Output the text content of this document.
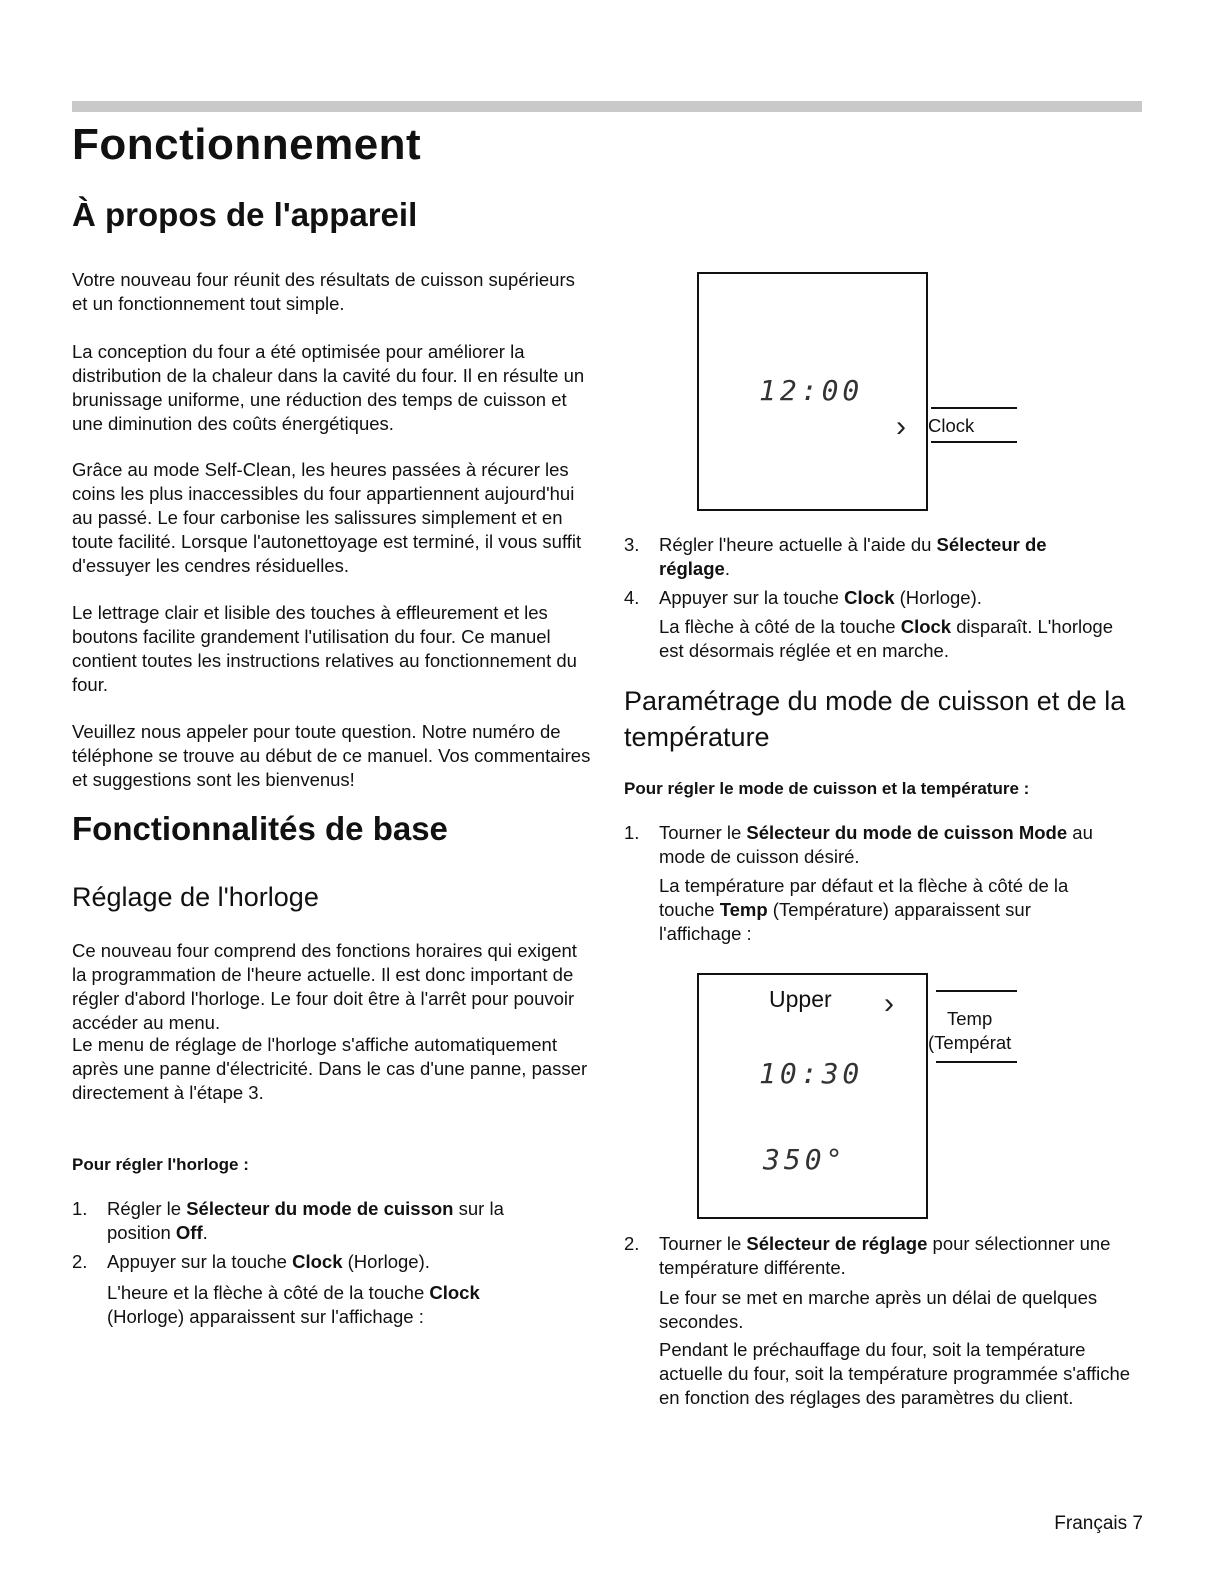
Fonctionnement
À propos de l'appareil

Votre nouveau four réunit des résultats de cuisson supérieurs et un fonctionnement tout simple.

La conception du four a été optimisée pour améliorer la distribution de la chaleur dans la cavité du four. Il en résulte un brunissage uniforme, une réduction des temps de cuisson et une diminution des coûts énergétiques.

Grâce au mode Self-Clean, les heures passées à récurer les coins les plus inaccessibles du four appartiennent aujourd'hui au passé. Le four carbonise les salissures simplement et en toute facilité. Lorsque l'autonettoyage est terminé, il vous suffit d'essuyer les cendres résiduelles.

Le lettrage clair et lisible des touches à effleurement et les boutons facilite grandement l'utilisation du four. Ce manuel contient toutes les instructions relatives au fonctionnement du four.

Veuillez nous appeler pour toute question. Notre numéro de téléphone se trouve au début de ce manuel. Vos commentaires et suggestions sont les bienvenus!

Fonctionnalités de base
Réglage de l'horloge

Ce nouveau four comprend des fonctions horaires qui exigent la programmation de l'heure actuelle. Il est donc important de régler d'abord l'horloge. Le four doit être à l'arrêt pour pouvoir accéder au menu.

Le menu de réglage de l'horloge s'affiche automatiquement après une panne d'électricité. Dans le cas d'une panne, passer directement à l'étape 3.

Pour régler l'horloge :

1. Régler le Sélecteur du mode de cuisson sur la
position Off.
2. Appuyer sur la touche Clock (Horloge).

L'heure et la flèche à côté de la touche Clock
(Horloge) apparaissent sur l'affichage :

12:00
› Clock
3. Régler l'heure actuelle à l'aide du Sélecteur de
réglage.
4. Appuyer sur la touche Clock (Horloge).

La flèche à côté de la touche Clock disparaît. L'horloge
est désormais réglée et en marche.

Paramétrage du mode de cuisson et de la
température

Pour régler le mode de cuisson et la température :

1. Tourner le Sélecteur du mode de cuisson Mode au
mode de cuisson désiré.

La température par défaut et la flèche à côté de la
touche Temp (Température) apparaissent sur
l'affichage :

Upper ›
10:30
350°
Temp
(Températ
2. Tourner le Sélecteur de réglage pour sélectionner une
température différente.

Le four se met en marche après un délai de quelques secondes.

Pendant le préchauffage du four, soit la température actuelle du four, soit la température programmée s'affiche en fonction des réglages des paramètres du client.

Français 7
